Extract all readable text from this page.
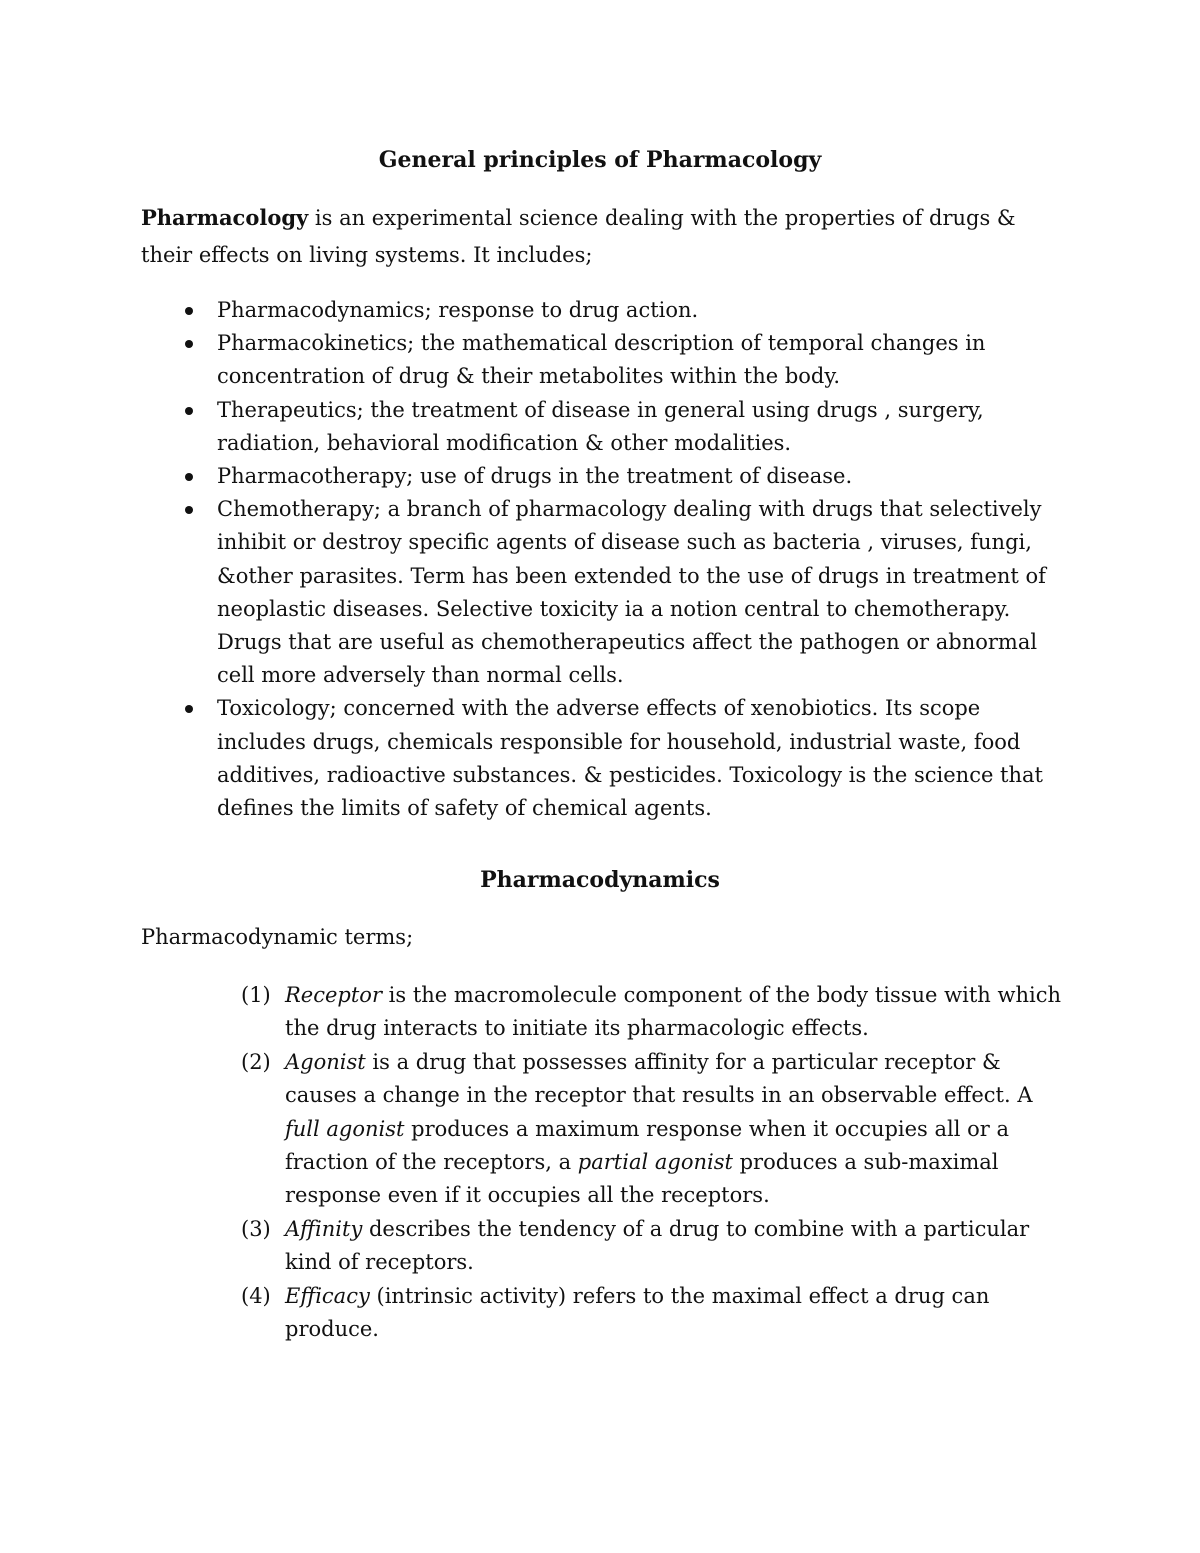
General principles of Pharmacology

Pharmacology is an experimental science dealing with the properties of drugs & their effects on living systems. It includes;

Pharmacodynamics; response to drug action.
Pharmacokinetics; the mathematical description of temporal changes in concentration of drug & their metabolites within the body.
Therapeutics; the treatment of disease in general using drugs , surgery, radiation, behavioral modification & other modalities.
Pharmacotherapy; use of drugs in the treatment of disease.
Chemotherapy; a branch of pharmacology dealing with drugs that selectively inhibit or destroy specific agents of disease such as bacteria , viruses, fungi, &other parasites. Term has been extended to the use of drugs in treatment of neoplastic diseases. Selective toxicity ia a notion central to chemotherapy. Drugs that are useful as chemotherapeutics affect the pathogen or abnormal cell more adversely than normal cells.
Toxicology; concerned with the adverse effects of xenobiotics. Its scope includes drugs, chemicals responsible for household, industrial waste, food additives, radioactive substances. & pesticides. Toxicology is the science that defines the limits of safety of chemical agents.
Pharmacodynamics
Pharmacodynamic terms;
(1) Receptor is the macromolecule component of the body tissue with which the drug interacts to initiate its pharmacologic effects.
(2) Agonist is a drug that possesses affinity for a particular receptor & causes a change in the receptor that results in an observable effect. A full agonist produces a maximum response when it occupies all or a fraction of the receptors, a partial agonist produces a sub-maximal response even if it occupies all the receptors.
(3) Affinity describes the tendency of a drug to combine with a particular kind of receptors.
(4) Efficacy (intrinsic activity) refers to the maximal effect a drug can produce.
